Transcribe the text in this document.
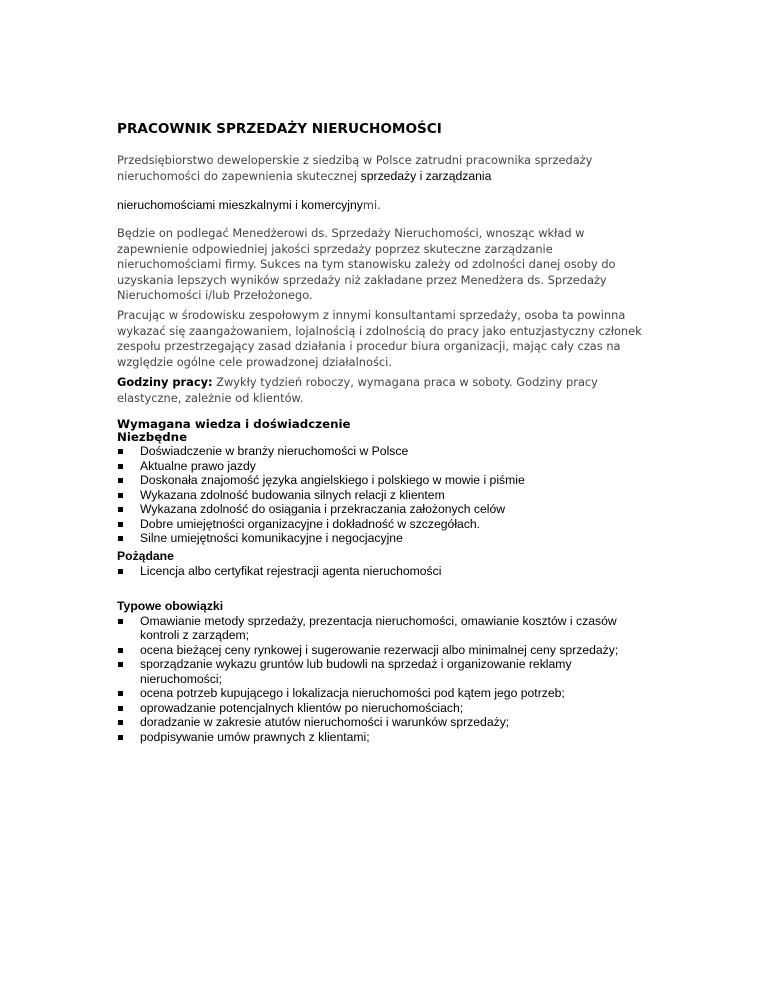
PRACOWNIK SPRZEDAŻY NIERUCHOMOŚCI

Przedsiębiorstwo deweloperskie z siedzibą w Polsce zatrudni pracownika sprzedaży nieruchomości do zapewnienia skutecznej sprzedaży i zarządzania

nieruchomościami mieszkalnymi i komercyjnymi.

Będzie on podlegać Menedżerowi ds. Sprzedaży Nieruchomości, wnosząc wkład w zapewnienie odpowiedniej jakości sprzedaży poprzez skuteczne zarządzanie nieruchomościami firmy. Sukces na tym stanowisku zależy od zdolności danej osoby do uzyskania lepszych wyników sprzedaży niż zakładane przez Menedżera ds. Sprzedaży Nieruchomości i/lub Przełożonego.

Pracując w środowisku zespołowym z innymi konsultantami sprzedaży, osoba ta powinna wykazać się zaangażowaniem, lojalnością i zdolnością do pracy jako entuzjastyczny członek zespołu przestrzegający zasad działania i procedur biura organizacji, mając cały czas na względzie ogólne cele prowadzonej działalności.

Godziny pracy: Zwykły tydzień roboczy, wymagana praca w soboty. Godziny pracy elastyczne, zależnie od klientów.

Wymagana wiedza i doświadczenie
Niezbędne
Doświadczenie w branży nieruchomości w Polsce
Aktualne prawo jazdy
Doskonała znajomość języka angielskiego i polskiego w mowie i piśmie
Wykazana zdolność budowania silnych relacji z klientem
Wykazana zdolność do osiągania i przekraczania założonych celów
Dobre umiejętności organizacyjne i dokładność w szczegółach.
Silne umiejętności komunikacyjne i negocjacyjne
Pożądane
Licencja albo certyfikat rejestracji agenta nieruchomości
Typowe obowiązki
Omawianie metody sprzedaży, prezentacja nieruchomości, omawianie kosztów i czasów kontroli z zarządem;
ocena bieżącej ceny rynkowej i sugerowanie rezerwacji albo minimalnej ceny sprzedaży;
sporządzanie wykazu gruntów lub budowli na sprzedaż i organizowanie reklamy nieruchomości;
ocena potrzeb kupującego i lokalizacja nieruchomości pod kątem jego potrzeb;
oprowadzanie potencjalnych klientów po nieruchomościach;
doradzanie w zakresie atutów nieruchomości i warunków sprzedaży;
podpisywanie umów prawnych z klientami;
